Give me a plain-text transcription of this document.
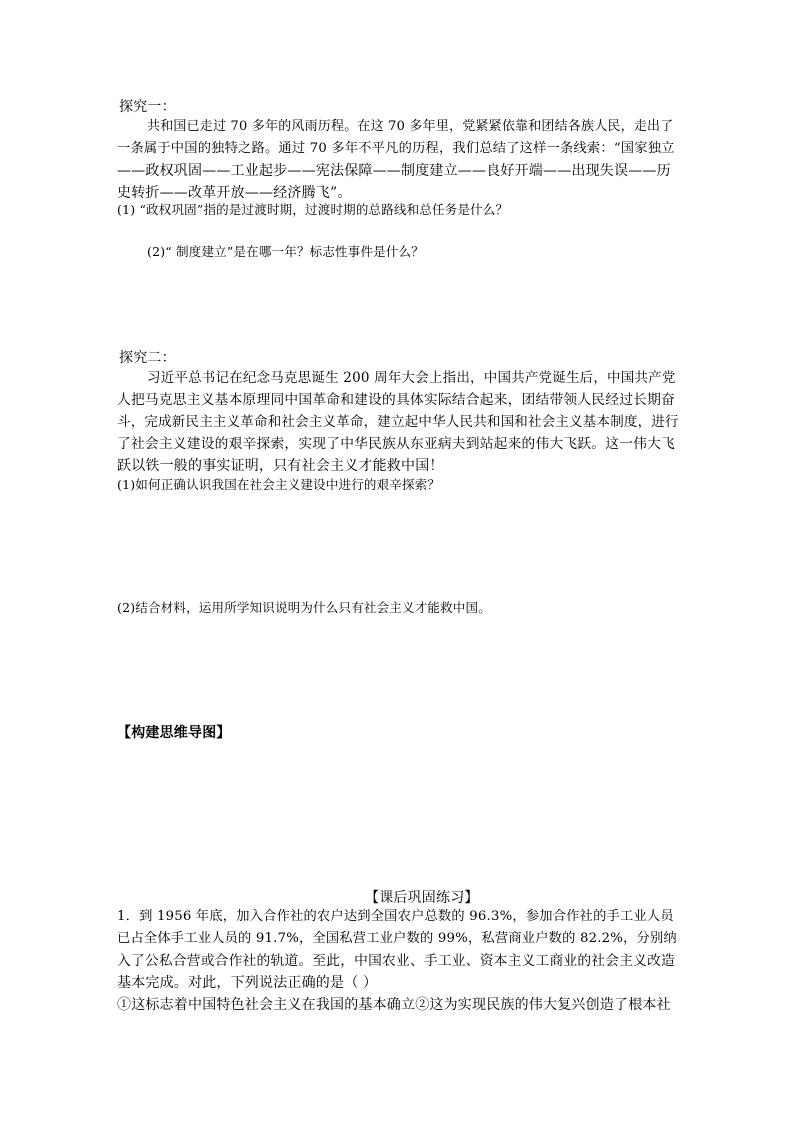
探究一：
共和国已走过 70 多年的风雨历程。在这 70 多年里，党紧紧依靠和团结各族人民，走出了
一条属于中国的独特之路。通过 70 多年不平凡的历程，我们总结了这样一条线索：“国家独立
——政权巩固——工业起步——宪法保障——制度建立——良好开端——出现失误——历
史转折——改革开放——经济腾飞”。
(1) “政权巩固”指的是过渡时期，过渡时期的总路线和总任务是什么？
(2)“ 制度建立”是在哪一年？标志性事件是什么？
探究二：
习近平总书记在纪念马克思诞生 200 周年大会上指出，中国共产党诞生后，中国共产党
人把马克思主义基本原理同中国革命和建设的具体实际结合起来，团结带领人民经过长期奋
斗，完成新民主主义革命和社会主义革命，建立起中华人民共和国和社会主义基本制度，进行
了社会主义建设的艰辛探索，实现了中华民族从东亚病夫到站起来的伟大飞跃。这一伟大飞
跃以铁一般的事实证明，只有社会主义才能救中国！
(1)如何正确认识我国在社会主义建设中进行的艰辛探索？
(2)结合材料，运用所学知识说明为什么只有社会主义才能救中国。
【构建思维导图】
【课后巩固练习】
1．到 1956 年底，加入合作社的农户达到全国农户总数的 96.3%，参加合作社的手工业人员
已占全体手工业人员的 91.7%，全国私营工业户数的 99%，私营商业户数的 82.2%，分别纳
入了公私合营或合作社的轨道。至此，中国农业、手工业、资本主义工商业的社会主义改造
基本完成。对此，下列说法正确的是（ ）
①这标志着中国特色社会主义在我国的基本确立②这为实现民族的伟大复兴创造了根本社
